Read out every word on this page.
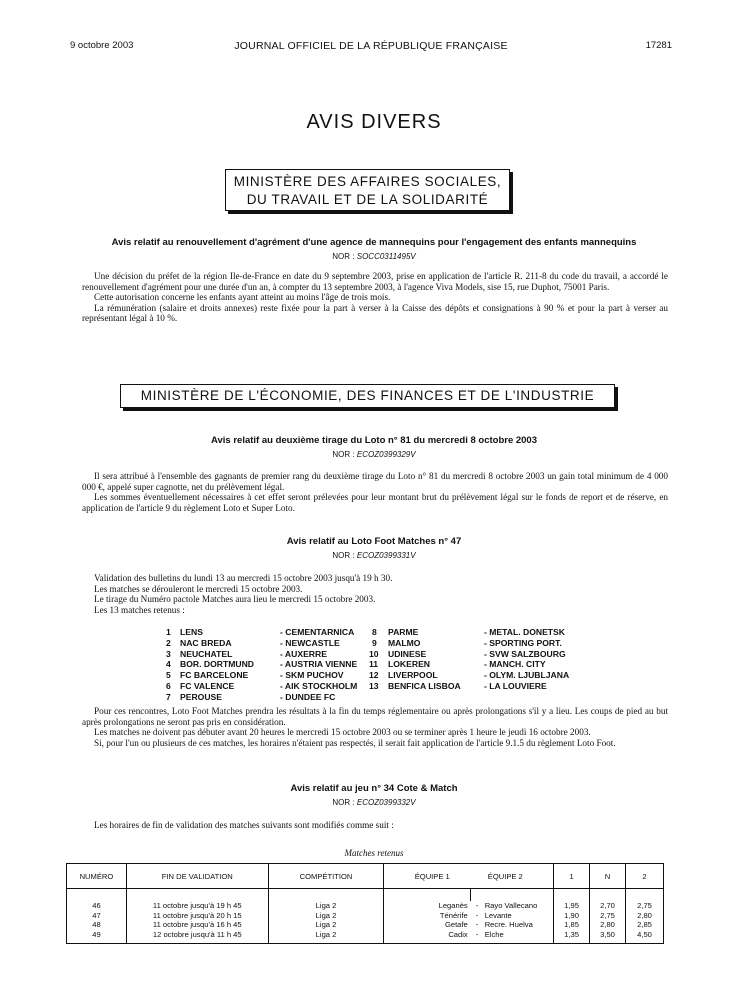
9 octobre 2003	JOURNAL OFFICIEL DE LA RÉPUBLIQUE FRANÇAISE	17281
AVIS DIVERS
MINISTÈRE DES AFFAIRES SOCIALES,
DU TRAVAIL ET DE LA SOLIDARITÉ
Avis relatif au renouvellement d'agrément d'une agence de mannequins pour l'engagement des enfants mannequins
NOR : SOCC0311495V

Une décision du préfet de la région Ile-de-France en date du 9 septembre 2003, prise en application de l'article R. 211-8 du code du travail, a accordé le renouvellement d'agrément pour une durée d'un an, à compter du 13 septembre 2003, à l'agence Viva Models, sise 15, rue Duphot, 75001 Paris.

Cette autorisation concerne les enfants ayant atteint au moins l'âge de trois mois.

La rémunération (salaire et droits annexes) reste fixée pour la part à verser à la Caisse des dépôts et consignations à 90 % et pour la part à verser au représentant légal à 10 %.

MINISTÈRE DE L'ÉCONOMIE, DES FINANCES ET DE L'INDUSTRIE
Avis relatif au deuxième tirage du Loto n° 81 du mercredi 8 octobre 2003
NOR : ECOZ0399329V

Il sera attribué à l'ensemble des gagnants de premier rang du deuxième tirage du Loto n° 81 du mercredi 8 octobre 2003 un gain total minimum de 4 000 000 €, appelé super cagnotte, net du prélèvement légal.

Les sommes éventuellement nécessaires à cet effet seront prélevées pour leur montant brut du prélèvement légal sur le fonds de report et de réserve, en application de l'article 9 du règlement Loto et Super Loto.

Avis relatif au Loto Foot Matches n° 47
NOR : ECOZ0399331V

Validation des bulletins du lundi 13 au mercredi 15 octobre 2003 jusqu'à 19 h 30.

Les matches se dérouleront le mercredi 15 octobre 2003.

Le tirage du Numéro pactole Matches aura lieu le mercredi 15 octobre 2003.

Les 13 matches retenus :

1 LENS	- CEMENTARNICA 8 PARME	- METAL. DONETSK
2 NAC BREDA	- NEWCASTLE	9 MALMO	- SPORTING PORT.
3 NEUCHATEL	- AUXERRE	10 UDINESE	- SVW SALZBOURG
4 BOR. DORTMUND	- AUSTRIA VIENNE 11 LOKEREN	- MANCH. CITY
5 FC BARCELONE	- SKM PUCHOV	12 LIVERPOOL	- OLYM. LJUBLJANA
6 FC VALENCE	- AIK STOCKHOLM 13 BENFICA LISBOA	- LA LOUVIERE
7 PEROUSE	- DUNDEE FC

Pour ces rencontres, Loto Foot Matches prendra les résultats à la fin du temps réglementaire ou après prolongations s'il y a lieu. Les coups de pied au but après prolongations ne seront pas pris en considération.

Les matches ne doivent pas débuter avant 20 heures le mercredi 15 octobre 2003 ou se terminer après 1 heure le jeudi 16 octobre 2003.

Si, pour l'un ou plusieurs de ces matches, les horaires n'étaient pas respectés, il serait fait application de l'article 9.1.5 du règlement Loto Foot.

Avis relatif au jeu n° 34 Cote & Match
NOR : ECOZ0399332V

Les horaires de fin de validation des matches suivants sont modifiés comme suit :

Matches retenus
NUMÉRO	FIN DE VALIDATION	COMPÉTITION	ÉQUIPE 1 ÉQUIPE 2		1	N	2

46	11 octobre jusqu'à 19 h 45	Liga 2	Leganès	-   Rayo Vallecano	1,95	2,70	2,75
47	11 octobre jusqu'à 20 h 15	Liga 2	Ténérife	-   Levante	1,90	2,75	2,80
48	11 octobre jusqu'à 16 h 45	Liga 2	Getafe	-   Recre. Huelva	1,85	2,80	2,85
49	12 octobre jusqu'à 11 h 45	Liga 2	Cadix	-   Elche	1,35	3,50	4,50
